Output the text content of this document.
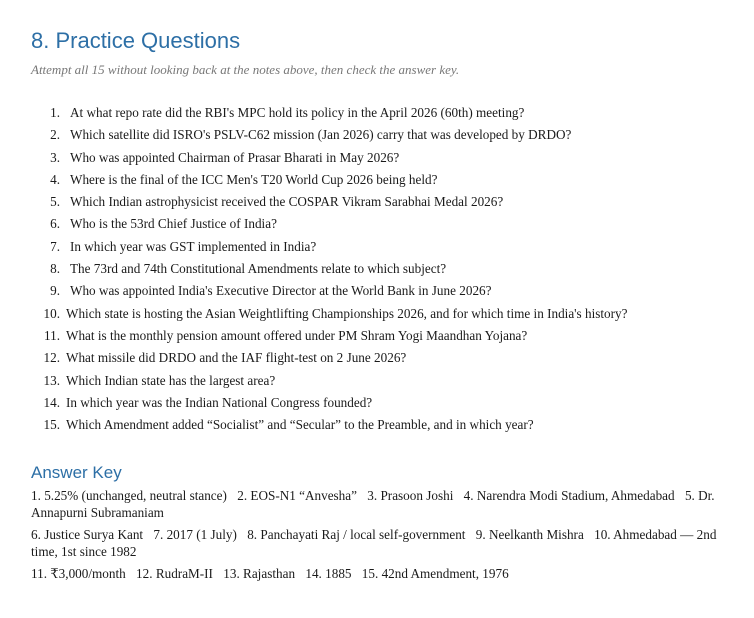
8. Practice Questions

Attempt all 15 without looking back at the notes above, then check the answer key.

1. At what repo rate did the RBI's MPC hold its policy in the April 2026 (60th) meeting?
2. Which satellite did ISRO's PSLV-C62 mission (Jan 2026) carry that was developed by DRDO?
3. Who was appointed Chairman of Prasar Bharati in May 2026?
4. Where is the final of the ICC Men's T20 World Cup 2026 being held?
5. Which Indian astrophysicist received the COSPAR Vikram Sarabhai Medal 2026?
6. Who is the 53rd Chief Justice of India?
7. In which year was GST implemented in India?
8. The 73rd and 74th Constitutional Amendments relate to which subject?
9. Who was appointed India's Executive Director at the World Bank in June 2026?
10. Which state is hosting the Asian Weightlifting Championships 2026, and for which time in India's history?
11. What is the monthly pension amount offered under PM Shram Yogi Maandhan Yojana?
12. What missile did DRDO and the IAF flight-test on 2 June 2026?
13. Which Indian state has the largest area?
14. In which year was the Indian National Congress founded?
15. Which Amendment added “Socialist” and “Secular” to the Preamble, and in which year?
Answer Key

1. 5.25% (unchanged, neutral stance) 2. EOS-N1 “Anvesha” 3. Prasoon Joshi 4. Narendra Modi Stadium, Ahmedabad 5. Dr. Annapurni Subramaniam

6. Justice Surya Kant 7. 2017 (1 July) 8. Panchayati Raj / local self-government 9. Neelkanth Mishra 10. Ahmedabad — 2nd time, 1st since 1982

11. ₹3,000/month 12. RudraM-II 13. Rajasthan 14. 1885 15. 42nd Amendment, 1976
